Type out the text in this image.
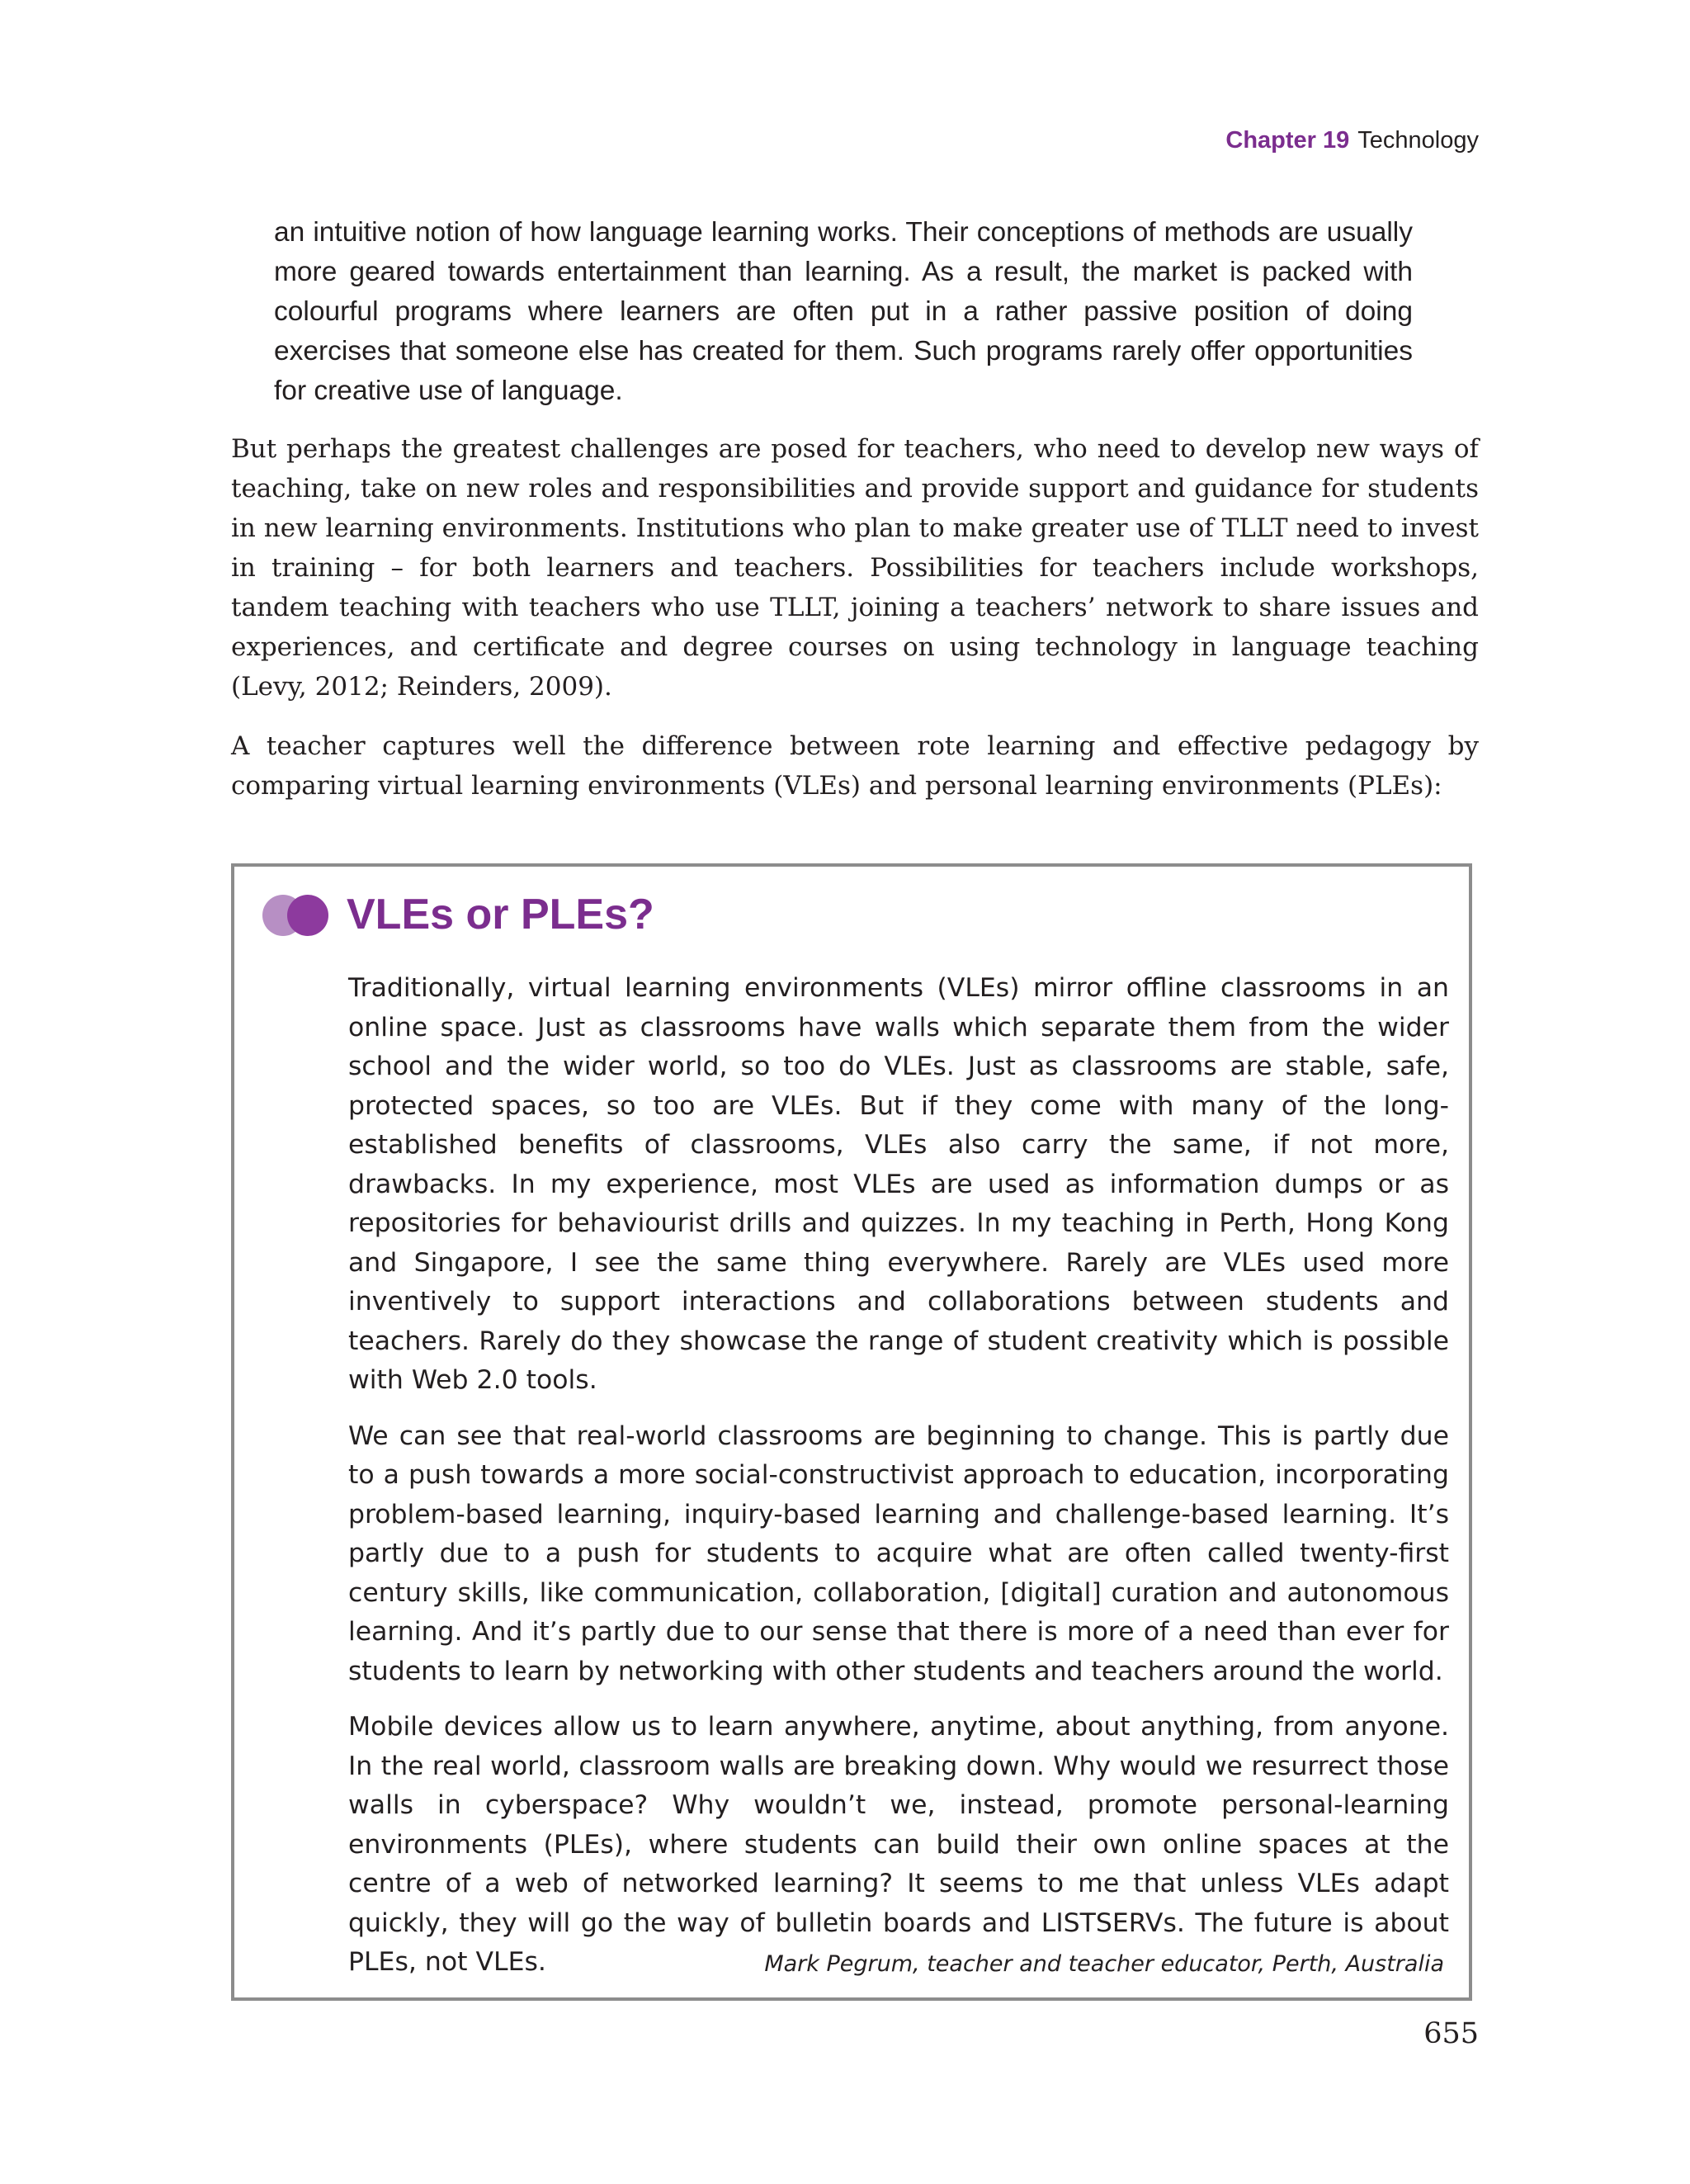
Chapter 19 Technology

an intuitive notion of how language learning works. Their conceptions of methods are usually more geared towards entertainment than learning. As a result, the market is packed with colourful programs where learners are often put in a rather passive position of doing exercises that someone else has created for them. Such programs rarely offer opportunities for creative use of language.

But perhaps the greatest challenges are posed for teachers, who need to develop new ways of teaching, take on new roles and responsibilities and provide support and guidance for students in new learning environments. Institutions who plan to make greater use of TLLT need to invest in training – for both learners and teachers. Possibilities for teachers include workshops, tandem teaching with teachers who use TLLT, joining a teachers’ network to share issues and experiences, and certificate and degree courses on using technology in language teaching (Levy, 2012; Reinders, 2009).

A teacher captures well the difference between rote learning and effective pedagogy by comparing virtual learning environments (VLEs) and personal learning environments (PLEs):

VLEs or PLEs?

Traditionally, virtual learning environments (VLEs) mirror offline classrooms in an online space. Just as classrooms have walls which separate them from the wider school and the wider world, so too do VLEs. Just as classrooms are stable, safe, protected spaces, so too are VLEs. But if they come with many of the long-established benefits of classrooms, VLEs also carry the same, if not more, drawbacks. In my experience, most VLEs are used as information dumps or as repositories for behaviourist drills and quizzes. In my teaching in Perth, Hong Kong and Singapore, I see the same thing everywhere. Rarely are VLEs used more inventively to support interactions and collaborations between students and teachers. Rarely do they showcase the range of student creativity which is possible with Web 2.0 tools.

We can see that real-world classrooms are beginning to change. This is partly due to a push towards a more social-constructivist approach to education, incorporating problem-based learning, inquiry-based learning and challenge-based learning. It’s partly due to a push for students to acquire what are often called twenty-first century skills, like communication, collaboration, [digital] curation and autonomous learning. And it’s partly due to our sense that there is more of a need than ever for students to learn by networking with other students and teachers around the world.

Mobile devices allow us to learn anywhere, anytime, about anything, from anyone. In the real world, classroom walls are breaking down. Why would we resurrect those walls in cyberspace? Why wouldn’t we, instead, promote personal-learning environments (PLEs), where students can build their own online spaces at the centre of a web of networked learning? It seems to me that unless VLEs adapt quickly, they will go the way of bulletin boards and LISTSERVs. The future is about PLEs, not VLEs.	Mark Pegrum, teacher and teacher educator, Perth, Australia
655
